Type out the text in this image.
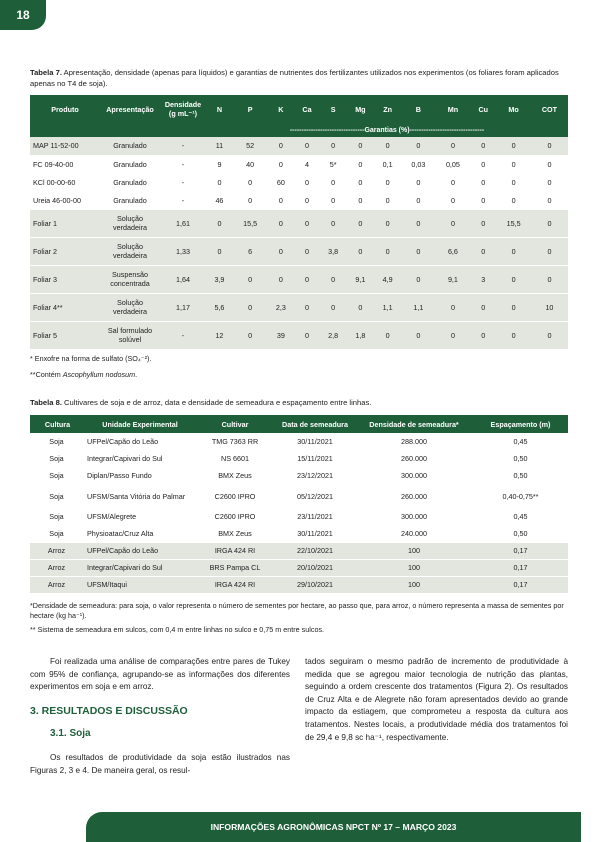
18
Tabela 7. Apresentação, densidade (apenas para líquidos) e garantias de nutrientes dos fertilizantes utilizados nos experimentos (os foliares foram aplicados apenas no T4 de soja).
Produto	Apresentação	Densidade (g mL⁻¹)	N	P	K	Ca	S	Mg	Zn	B	Mn	Cu	Mo	COT
			--------------------------------Garantias (%)--------------------------------											
MAP 11-52-00	Granulado	-	11	52	0	0	0	0	0	0	0	0	0	0
FC 09-40-00	Granulado	-	9	40	0	4	5*	0	0,1	0,03	0,05	0	0	0
KCl 00-00-60	Granulado	-	0	0	60	0	0	0	0	0	0	0	0	0
Ureia 46-00-00	Granulado	-	46	0	0	0	0	0	0	0	0	0	0	0
Foliar 1	Solução verdadeira	1,61	0	15,5	0	0	0	0	0	0	0	0	15,5	0
Foliar 2	Solução verdadeira	1,33	0	6	0	0	3,8	0	0	0	6,6	0	0	0
Foliar 3	Suspensão concentrada	1,64	3,9	0	0	0	0	9,1	4,9	0	9,1	3	0	0
Foliar 4**	Solução verdadeira	1,17	5,6	0	2,3	0	0	0	1,1	1,1	0	0	0	10
Foliar 5	Sal formulado solúvel	-	12	0	39	0	2,8	1,8	0	0	0	0	0	0
* Enxofre na forma de sulfato (SO₄⁻²).
**Contém Ascophyllum nodosum.
Tabela 8. Cultivares de soja e de arroz, data e densidade de semeadura e espaçamento entre linhas.
Cultura	Unidade Experimental	Cultivar	Data de semeadura	Densidade de semeadura*	Espaçamento (m)
Soja	UFPel/Capão do Leão	TMG 7363 RR	30/11/2021	288.000	0,45
Soja	Integrar/Capivari do Sul	NS 6601	15/11/2021	260.000	0,50
Soja	Diplan/Passo Fundo	BMX Zeus	23/12/2021	300.000	0,50
Soja	UFSM/Santa Vitória do Palmar	C2600 IPRO	05/12/2021	260.000	0,40-0,75**
Soja	UFSM/Alegrete	C2600 IPRO	23/11/2021	300.000	0,45
Soja	Physioatac/Cruz Alta	BMX Zeus	30/11/2021	240.000	0,50
Arroz	UFPel/Capão do Leão	IRGA 424 RI	22/10/2021	100	0,17
Arroz	Integrar/Capivari do Sul	BRS Pampa CL	20/10/2021	100	0,17
Arroz	UFSM/Itaqui	IRGA 424 RI	29/10/2021	100	0,17
*Densidade de semeadura: para soja, o valor representa o número de sementes por hectare, ao passo que, para arroz, o número representa a massa de sementes por hectare (kg ha⁻¹).
** Sistema de semeadura em sulcos, com 0,4 m entre linhas no sulco e 0,75 m entre sulcos.
Foi realizada uma análise de comparações entre pares de Tukey com 95% de confiança, agrupando-se as informações dos diferentes experimentos em soja e em arroz.
3. RESULTADOS E DISCUSSÃO
3.1. Soja
Os resultados de produtividade da soja estão ilustrados nas Figuras 2, 3 e 4. De maneira geral, os resul-
tados seguiram o mesmo padrão de incremento de produtividade à medida que se agregou maior tecnologia de nutrição das plantas, seguindo a ordem crescente dos tratamentos (Figura 2). Os resultados de Cruz Alta e de Alegrete não foram apresentados devido ao grande impacto da estiagem, que comprometeu a resposta da cultura aos tratamentos. Nestes locais, a produtividade média dos tratamentos foi de 29,4 e 9,8 sc ha⁻¹, respectivamente.
INFORMAÇÕES AGRONÔMICAS NPCT Nº 17 – MARÇO 2023
